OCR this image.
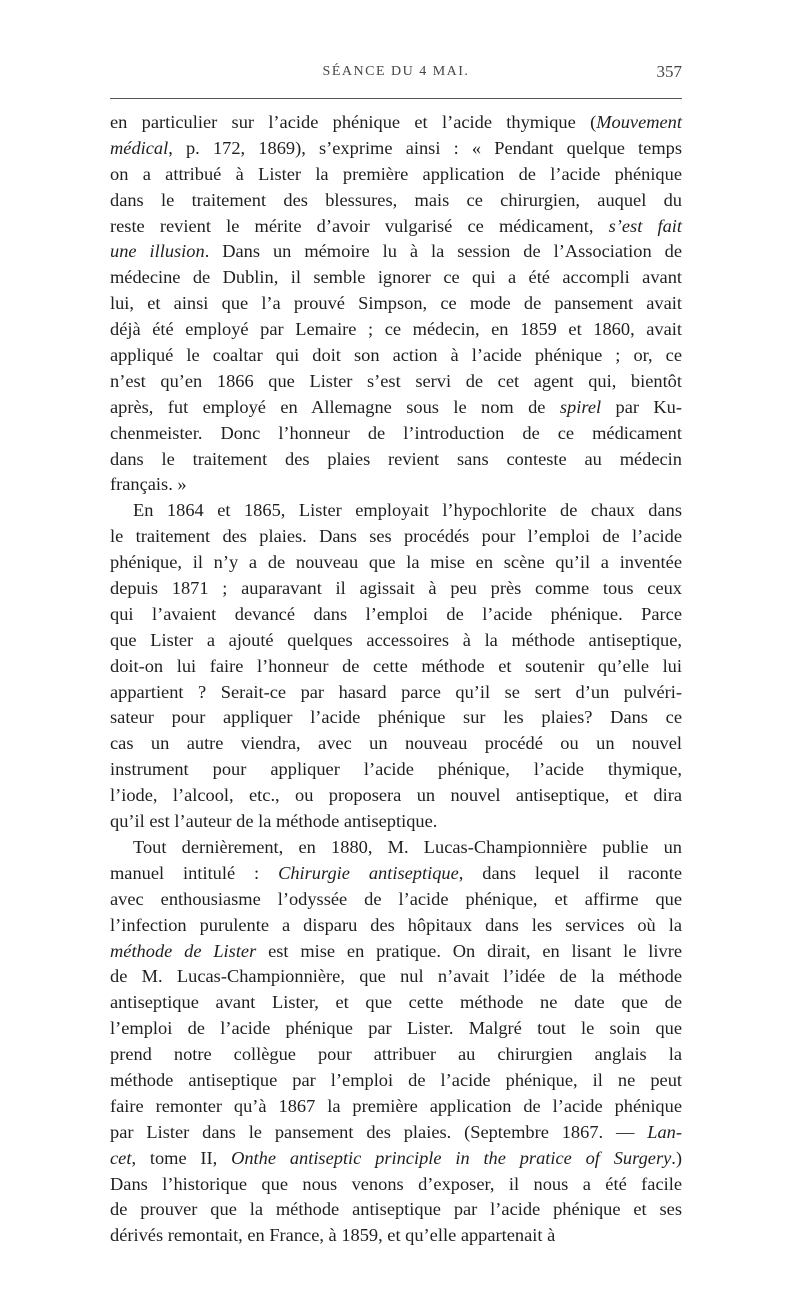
SÉANCE DU 4 MAI.	357
en particulier sur l’acide phénique et l’acide thymique (Mouvement
médical, p. 172, 1869), s’exprime ainsi : « Pendant quelque temps
on a attribué à Lister la première application de l’acide phénique
dans le traitement des blessures, mais ce chirurgien, auquel du
reste revient le mérite d’avoir vulgarisé ce médicament, s’est fait
une illusion. Dans un mémoire lu à la session de l’Association de
médecine de Dublin, il semble ignorer ce qui a été accompli avant
lui, et ainsi que l’a prouvé Simpson, ce mode de pansement avait
déjà été employé par Lemaire ; ce médecin, en 1859 et 1860, avait
appliqué le coaltar qui doit son action à l’acide phénique ; or, ce
n’est qu’en 1866 que Lister s’est servi de cet agent qui, bientôt
après, fut employé en Allemagne sous le nom de spirel par Ku-
chenmeister. Donc l’honneur de l’introduction de ce médicament
dans le traitement des plaies revient sans conteste au médecin
français. »
En 1864 et 1865, Lister employait l’hypochlorite de chaux dans
le traitement des plaies. Dans ses procédés pour l’emploi de l’acide
phénique, il n’y a de nouveau que la mise en scène qu’il a inventée
depuis 1871 ; auparavant il agissait à peu près comme tous ceux
qui l’avaient devancé dans l’emploi de l’acide phénique. Parce
que Lister a ajouté quelques accessoires à la méthode antiseptique,
doit-on lui faire l’honneur de cette méthode et soutenir qu’elle lui
appartient ? Serait-ce par hasard parce qu’il se sert d’un pulvéri-
sateur pour appliquer l’acide phénique sur les plaies? Dans ce
cas un autre viendra, avec un nouveau procédé ou un nouvel
instrument pour appliquer l’acide phénique, l’acide thymique,
l’iode, l’alcool, etc., ou proposera un nouvel antiseptique, et dira
qu’il est l’auteur de la méthode antiseptique.
Tout dernièrement, en 1880, M. Lucas-Championnière publie un
manuel intitulé : Chirurgie antiseptique, dans lequel il raconte
avec enthousiasme l’odyssée de l’acide phénique, et affirme que
l’infection purulente a disparu des hôpitaux dans les services où la
méthode de Lister est mise en pratique. On dirait, en lisant le livre
de M. Lucas-Championnière, que nul n’avait l’idée de la méthode
antiseptique avant Lister, et que cette méthode ne date que de
l’emploi de l’acide phénique par Lister. Malgré tout le soin que
prend notre collègue pour attribuer au chirurgien anglais la
méthode antiseptique par l’emploi de l’acide phénique, il ne peut
faire remonter qu’à 1867 la première application de l’acide phénique
par Lister dans le pansement des plaies. (Septembre 1867. — Lan-
cet, tome II, Onthe antiseptic principle in the pratice of Surgery.)
Dans l’historique que nous venons d’exposer, il nous a été facile
de prouver que la méthode antiseptique par l’acide phénique et ses
dérivés remontait, en France, à 1859, et qu’elle appartenait à
